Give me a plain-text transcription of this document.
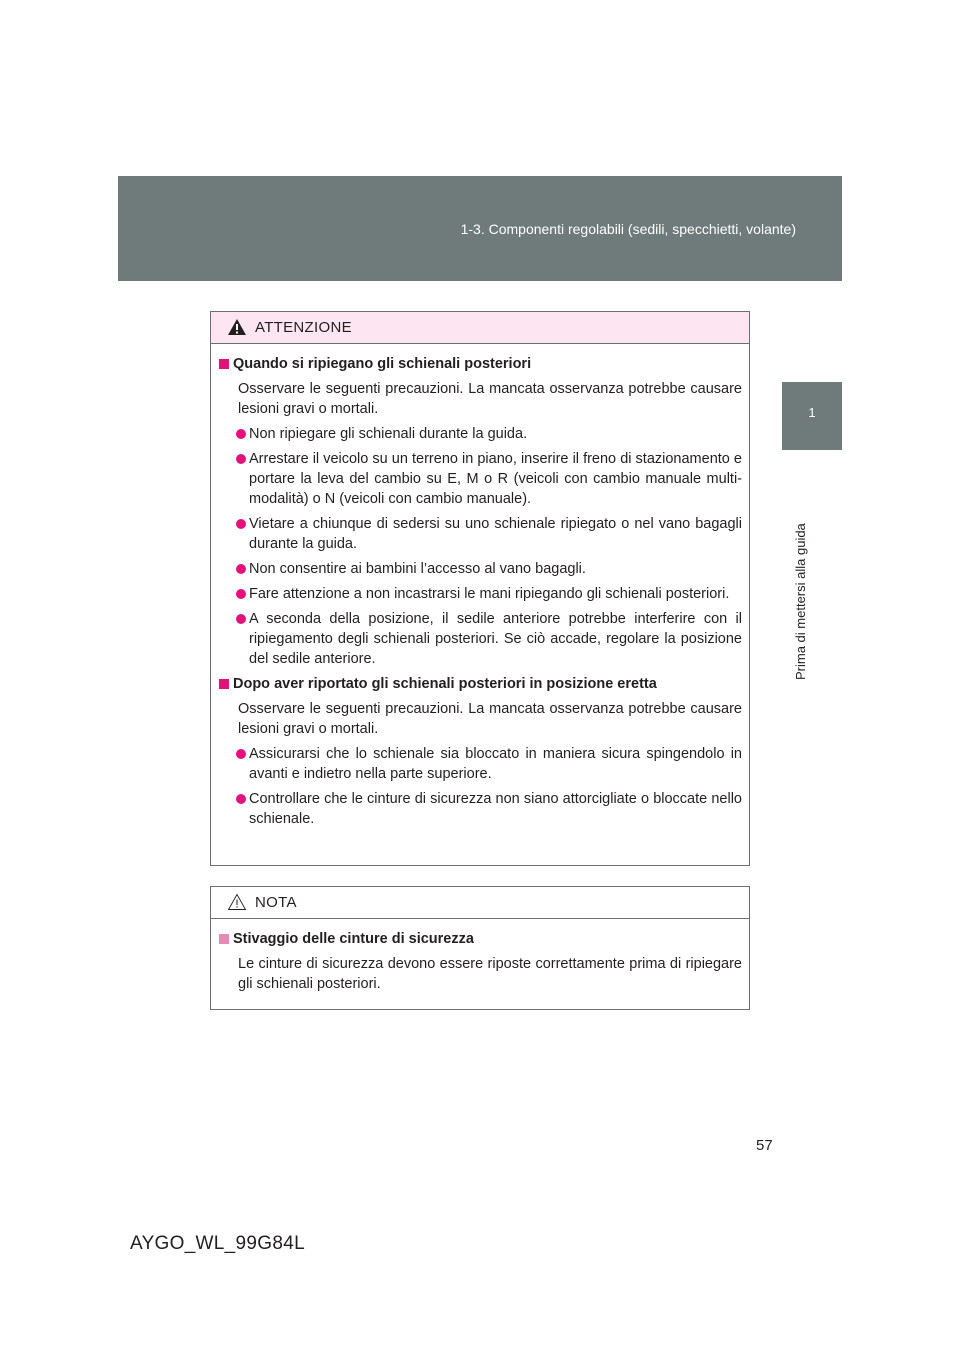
1-3. Componenti regolabili (sedili, specchietti, volante)
1
Prima di mettersi alla guida
ATTENZIONE
Quando si ripiegano gli schienali posteriori
Osservare le seguenti precauzioni. La mancata osservanza potrebbe causare lesioni gravi o mortali.
Non ripiegare gli schienali durante la guida.
Arrestare il veicolo su un terreno in piano, inserire il freno di stazionamento e portare la leva del cambio su E, M o R (veicoli con cambio manuale multi-modalità) o N (veicoli con cambio manuale).
Vietare a chiunque di sedersi su uno schienale ripiegato o nel vano bagagli durante la guida.
Non consentire ai bambini l’accesso al vano bagagli.
Fare attenzione a non incastrarsi le mani ripiegando gli schienali posteriori.
A seconda della posizione, il sedile anteriore potrebbe interferire con il ripiegamento degli schienali posteriori. Se ciò accade, regolare la posizione del sedile anteriore.
Dopo aver riportato gli schienali posteriori in posizione eretta
Osservare le seguenti precauzioni. La mancata osservanza potrebbe causare lesioni gravi o mortali.
Assicurarsi che lo schienale sia bloccato in maniera sicura spingendolo in avanti e indietro nella parte superiore.
Controllare che le cinture di sicurezza non siano attorcigliate o bloccate nello schienale.
NOTA
Stivaggio delle cinture di sicurezza
Le cinture di sicurezza devono essere riposte correttamente prima di ripiegare gli schienali posteriori.
57
AYGO_WL_99G84L
